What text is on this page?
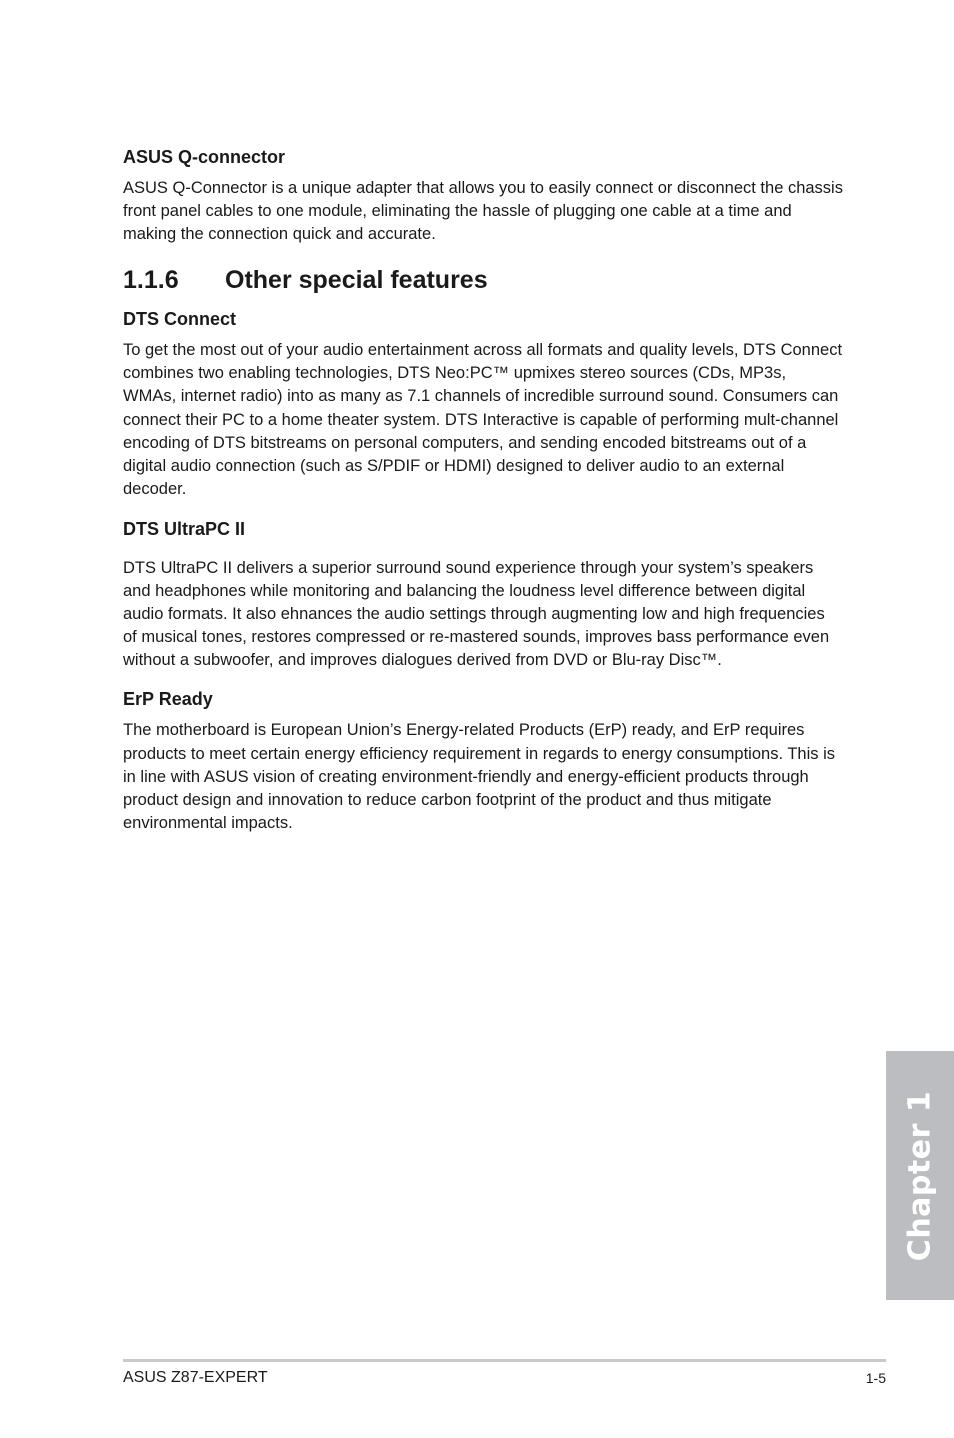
ASUS Q-connector

ASUS Q-Connector is a unique adapter that allows you to easily connect or disconnect the chassis front panel cables to one module, eliminating the hassle of plugging one cable at a time and making the connection quick and accurate.

1.1.6	Other special features
DTS Connect

To get the most out of your audio entertainment across all formats and quality levels, DTS Connect combines two enabling technologies, DTS Neo:PC™ upmixes stereo sources (CDs, MP3s, WMAs, internet radio) into as many as 7.1 channels of incredible surround sound. Consumers can connect their PC to a home theater system. DTS Interactive is capable of performing mult-channel encoding of DTS bitstreams on personal computers, and sending encoded bitstreams out of a digital audio connection (such as S/PDIF or HDMI) designed to deliver audio to an external decoder.

DTS UltraPC II

DTS UltraPC II delivers a superior surround sound experience through your system’s speakers and headphones while monitoring and balancing the loudness level difference between digital audio formats. It also ehnances the audio settings through augmenting low and high frequencies of musical tones, restores compressed or re-mastered sounds, improves bass performance even without a subwoofer, and improves dialogues derived from DVD or Blu-ray Disc™.

ErP Ready

The motherboard is European Union’s Energy-related Products (ErP) ready, and ErP requires products to meet certain energy efficiency requirement in regards to energy consumptions. This is in line with ASUS vision of creating environment-friendly and energy-efficient products through product design and innovation to reduce carbon footprint of the product and thus mitigate environmental impacts.

Chapter 1
ASUS Z87-EXPERT	1-5
